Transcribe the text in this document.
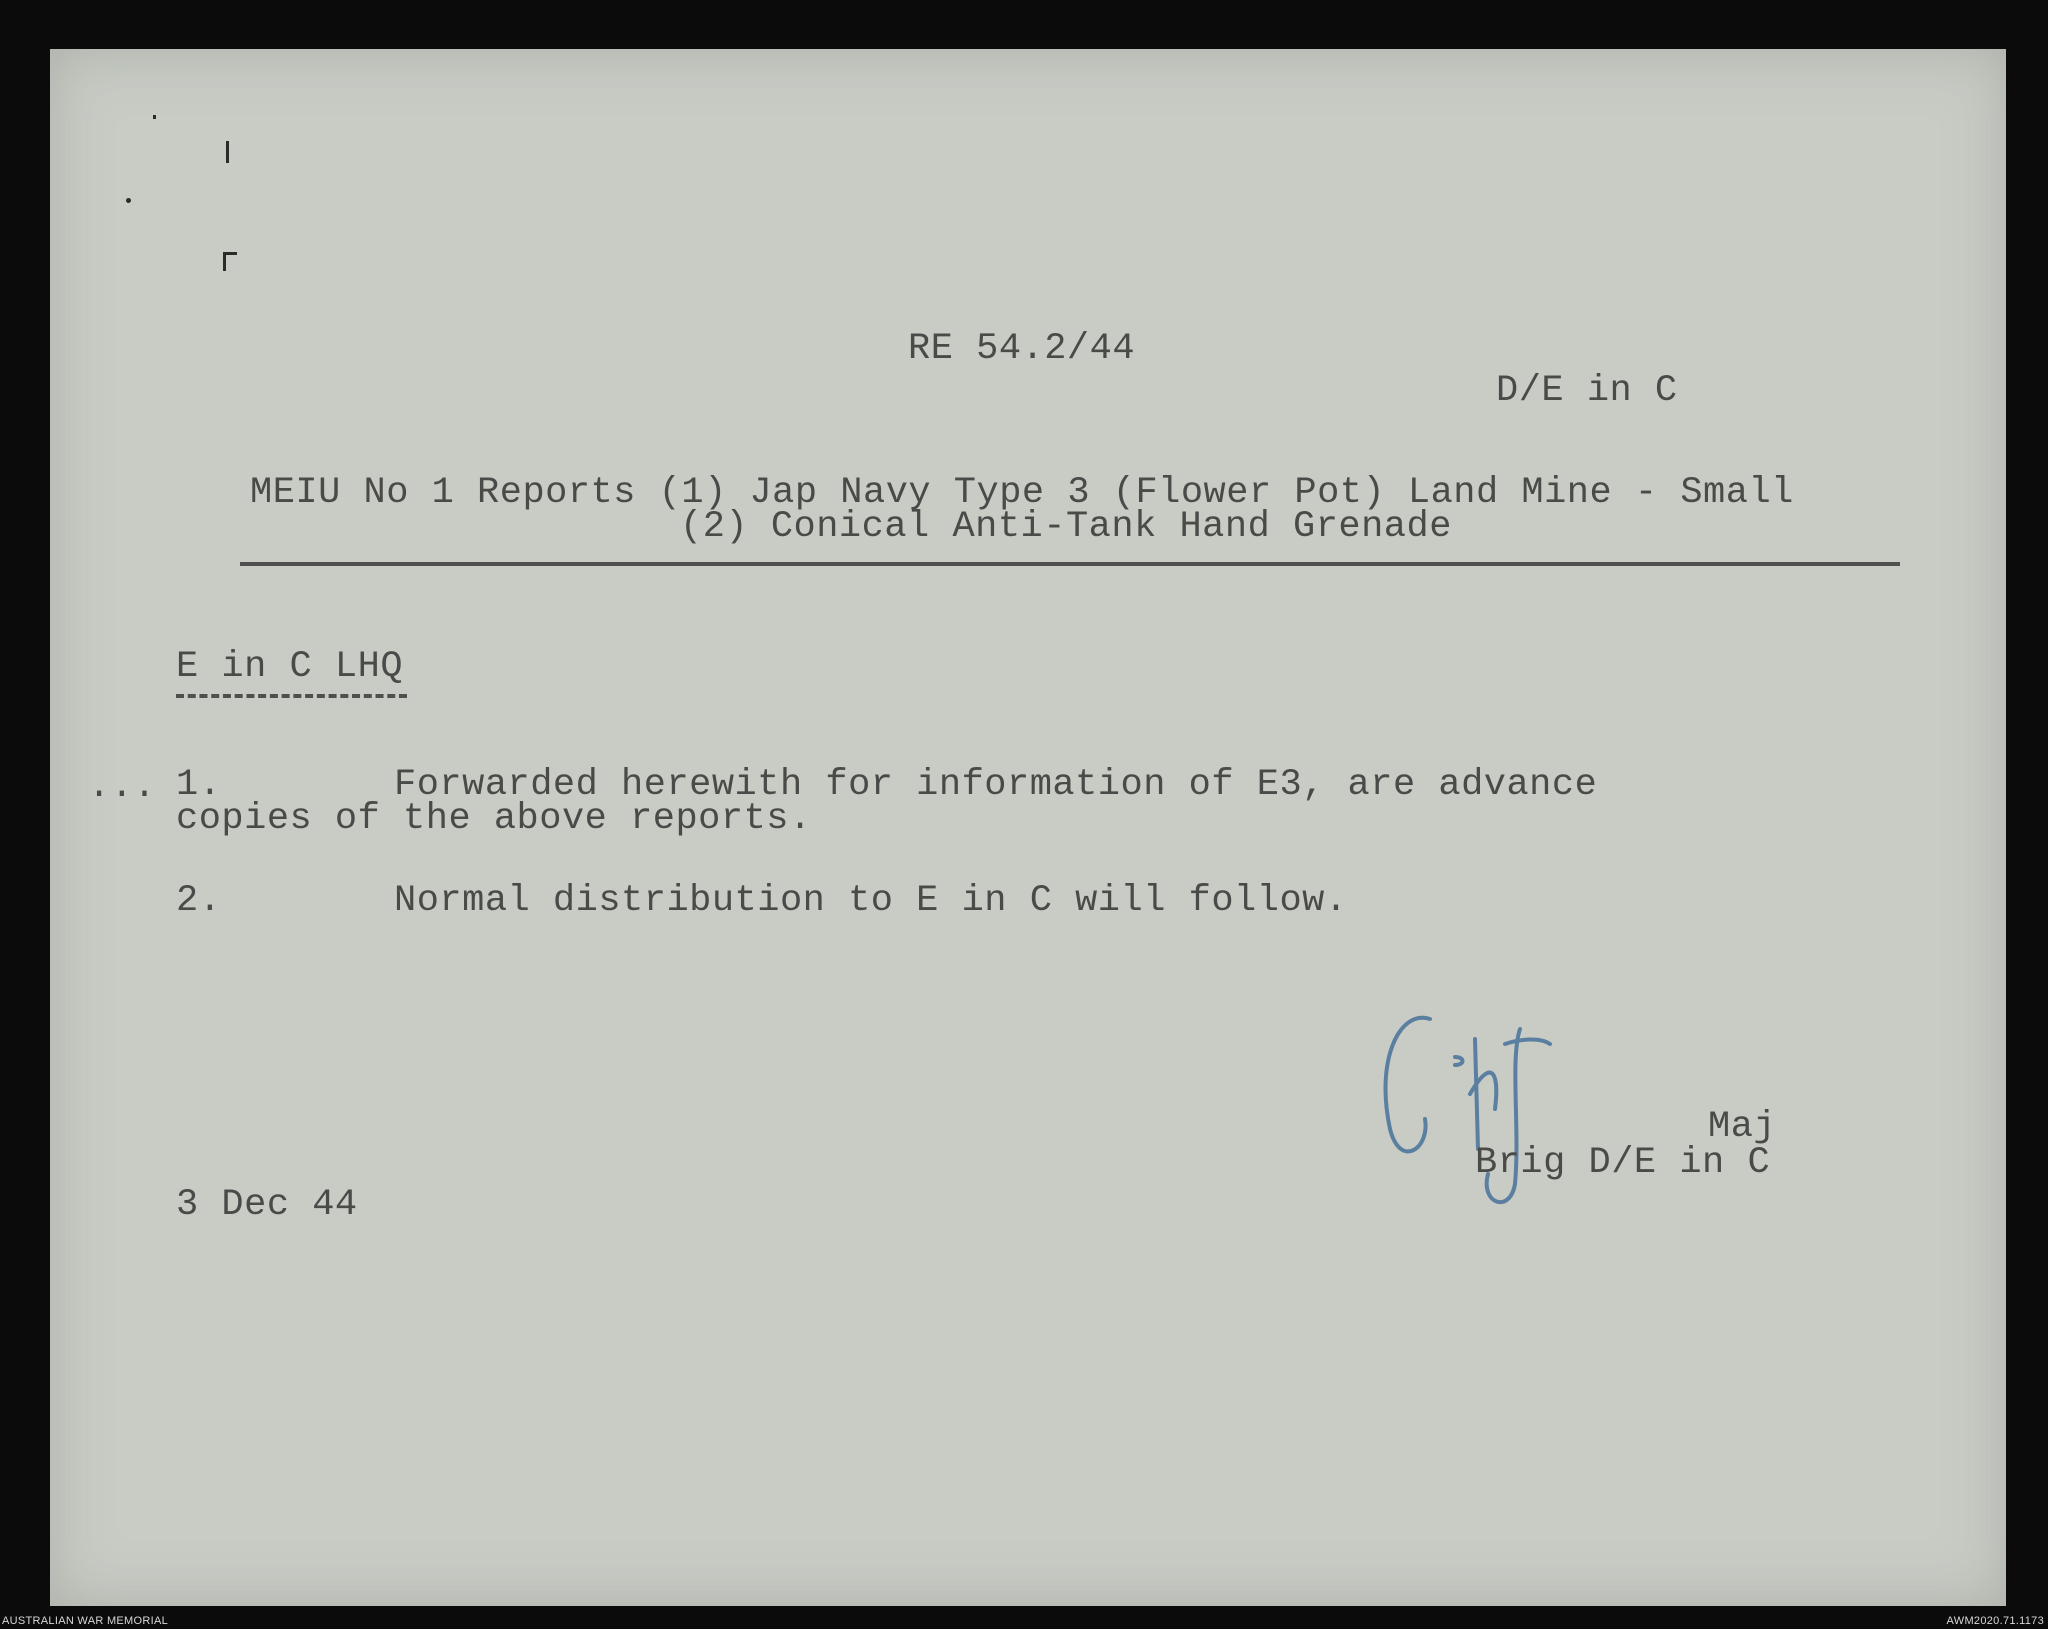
RE 54.2/44
D/E in C
MEIU No 1 Reports (1) Jap Navy Type 3 (Flower Pot) Land Mine - Small
(2) Conical Anti-Tank Hand Grenade
E in C LHQ
... 1.	Forwarded herewith for information of E3, are advance
copies of the above reports.
2.	Normal distribution to E in C will follow.
Maj
Brig D/E in C
3 Dec 44
AUSTRALIAN WAR MEMORIAL	AWM2020.71.1173
